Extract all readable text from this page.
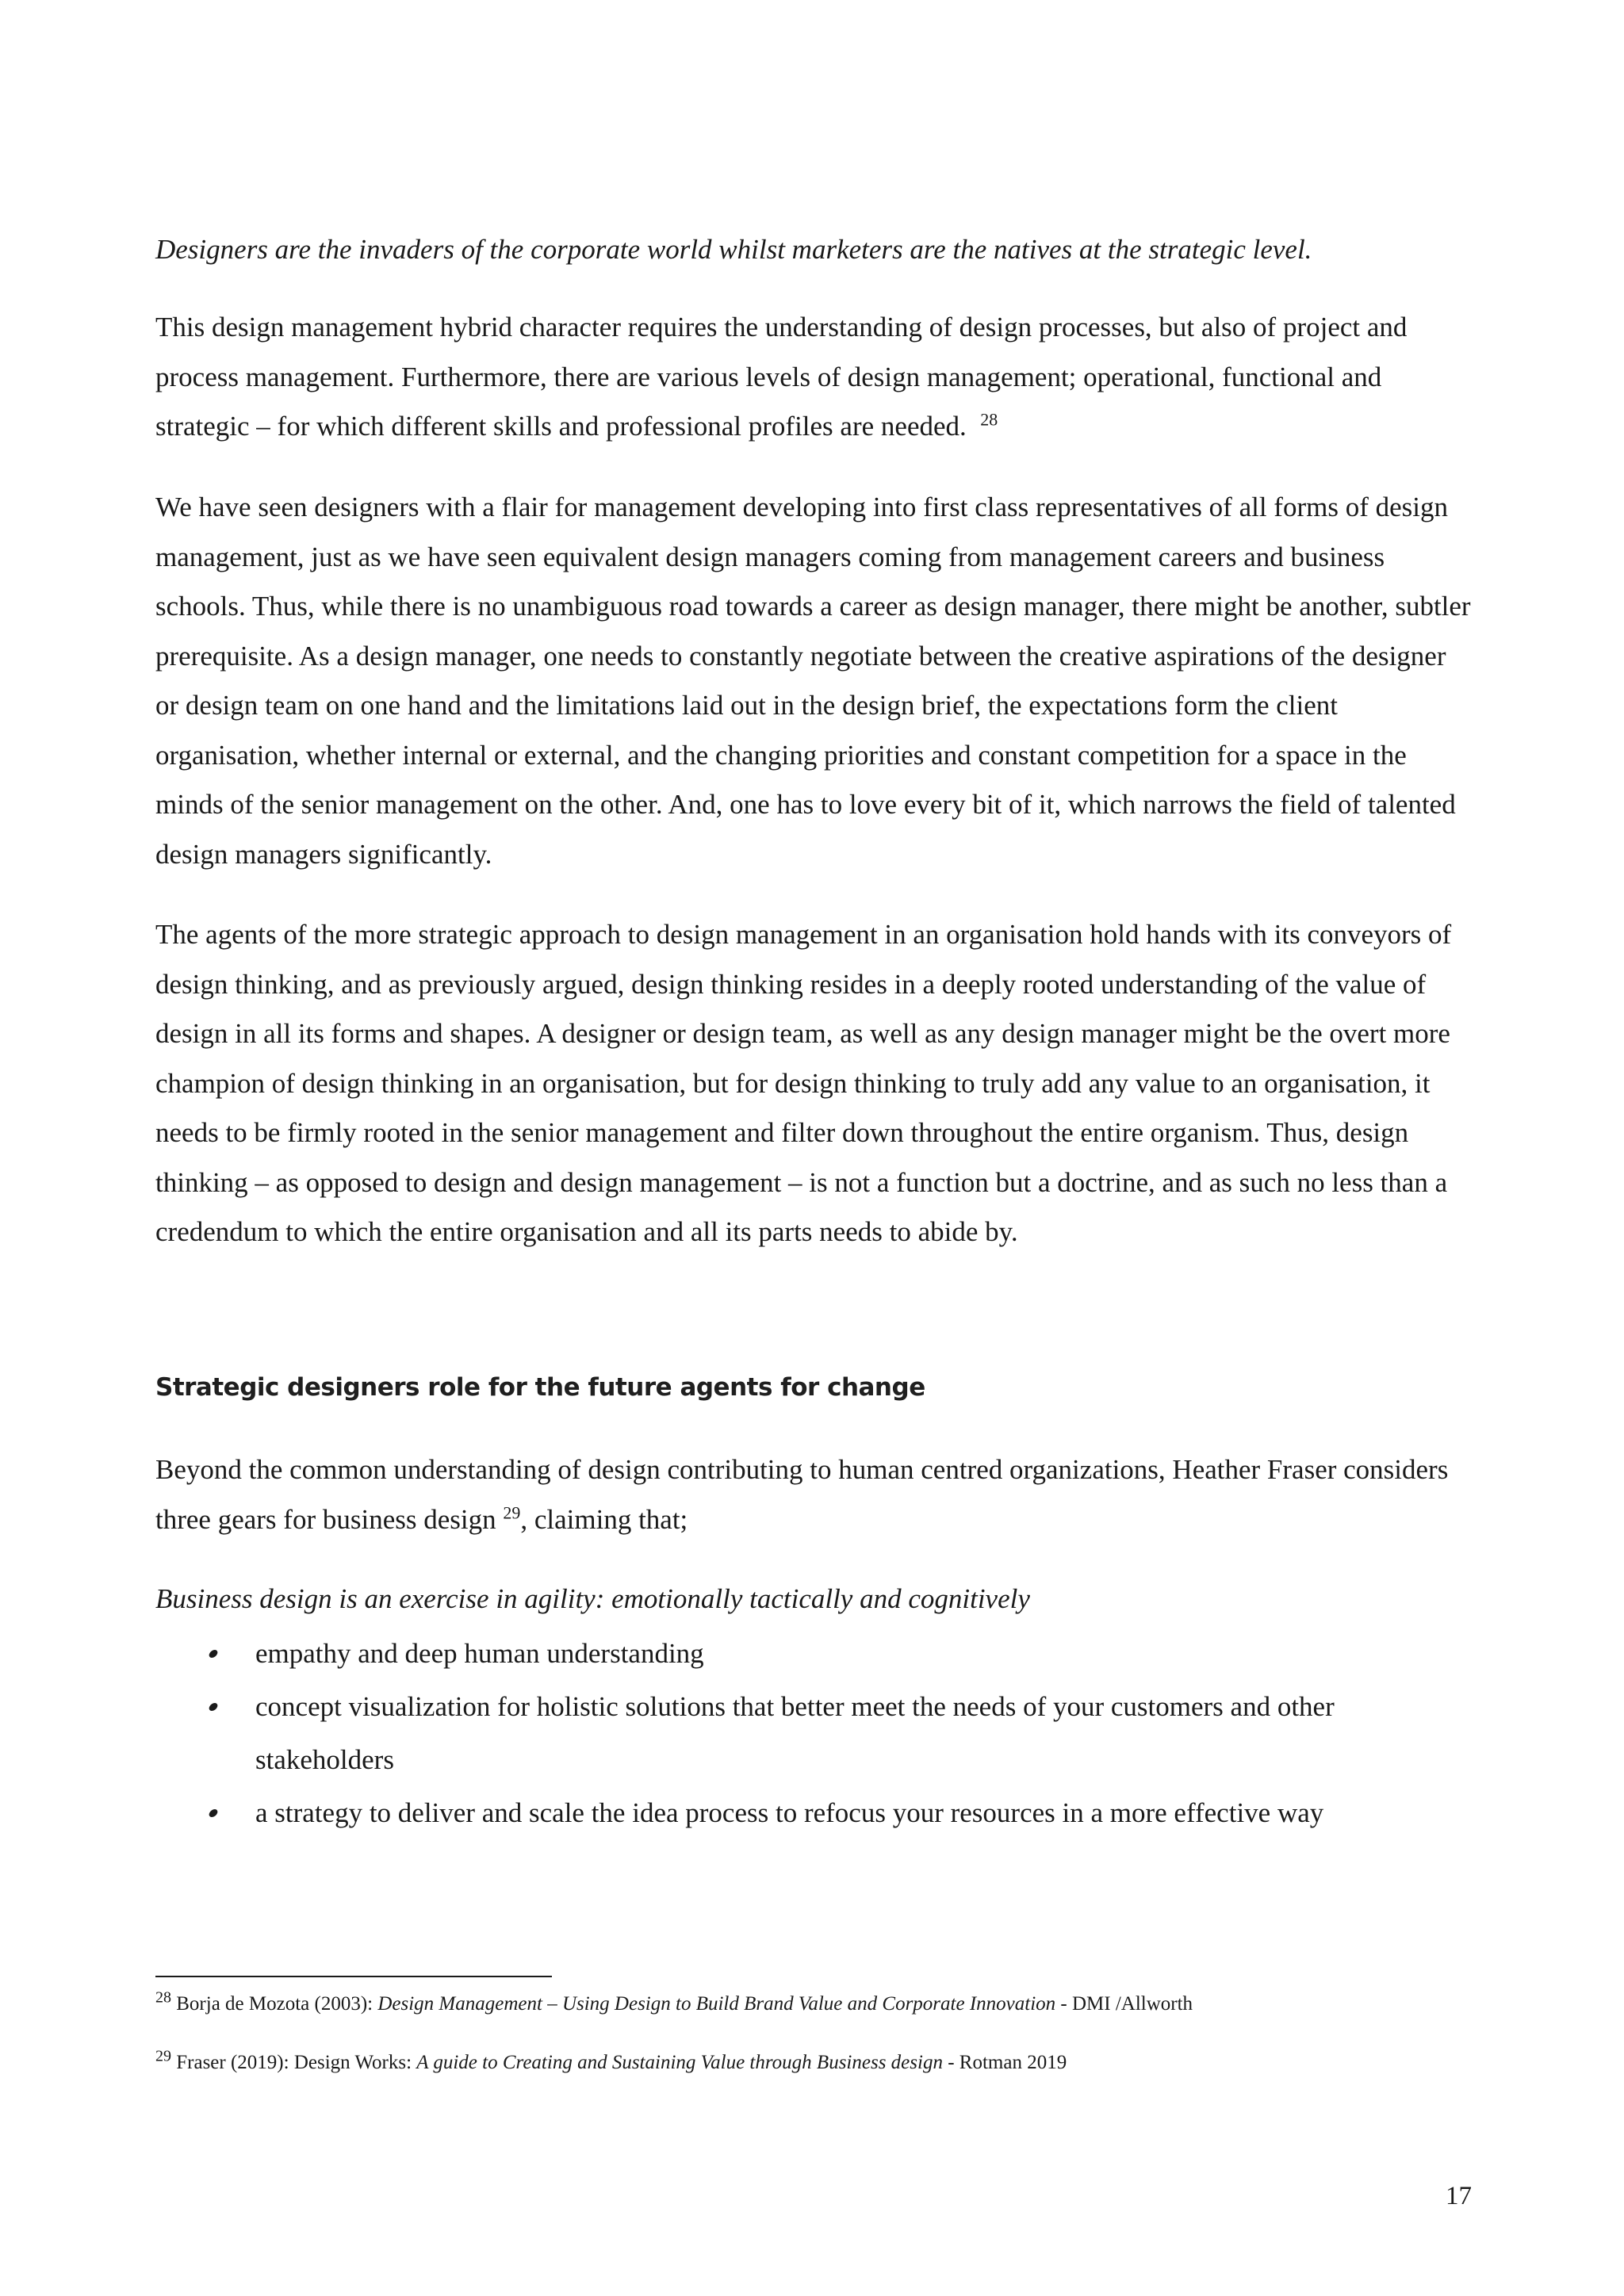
Designers are the invaders of the corporate world whilst marketers are the natives at the strategic level.

This design management hybrid character requires the understanding of design processes, but also of project and process management. Furthermore, there are various levels of design management; operational, functional and strategic – for which different skills and professional profiles are needed. $^{28}$

We have seen designers with a flair for management developing into first class representatives of all forms of design management, just as we have seen equivalent design managers coming from management careers and business schools. Thus, while there is no unambiguous road towards a career as design manager, there might be another, subtler prerequisite. As a design manager, one needs to constantly negotiate between the creative aspirations of the designer or design team on one hand and the limitations laid out in the design brief, the expectations form the client organisation, whether internal or external, and the changing priorities and constant competition for a space in the minds of the senior management on the other. And, one has to love every bit of it, which narrows the field of talented design managers significantly.

The agents of the more strategic approach to design management in an organisation hold hands with its conveyors of design thinking, and as previously argued, design thinking resides in a deeply rooted understanding of the value of design in all its forms and shapes. A designer or design team, as well as any design manager might be the overt more champion of design thinking in an organisation, but for design thinking to truly add any value to an organisation, it needs to be firmly rooted in the senior management and filter down throughout the entire organism. Thus, design thinking – as opposed to design and design management – is not a function but a doctrine, and as such no less than a credendum to which the entire organisation and all its parts needs to abide by.

Strategic designers role for the future agents for change

Beyond the common understanding of design contributing to human centred organizations, Heather Fraser considers three gears for business design $^{29}$, claiming that;

Business design is an exercise in agility: emotionally tactically and cognitively

empathy and deep human understanding
concept visualization for holistic solutions that better meet the needs of your customers and other stakeholders
a strategy to deliver and scale the idea process to refocus your resources in a more effective way

$^{28}$ Borja de Mozota (2003): Design Management – Using Design to Build Brand Value and Corporate Innovation - DMI /Allworth

$^{29}$ Fraser (2019): Design Works: A guide to Creating and Sustaining Value through Business design - Rotman 2019

17
